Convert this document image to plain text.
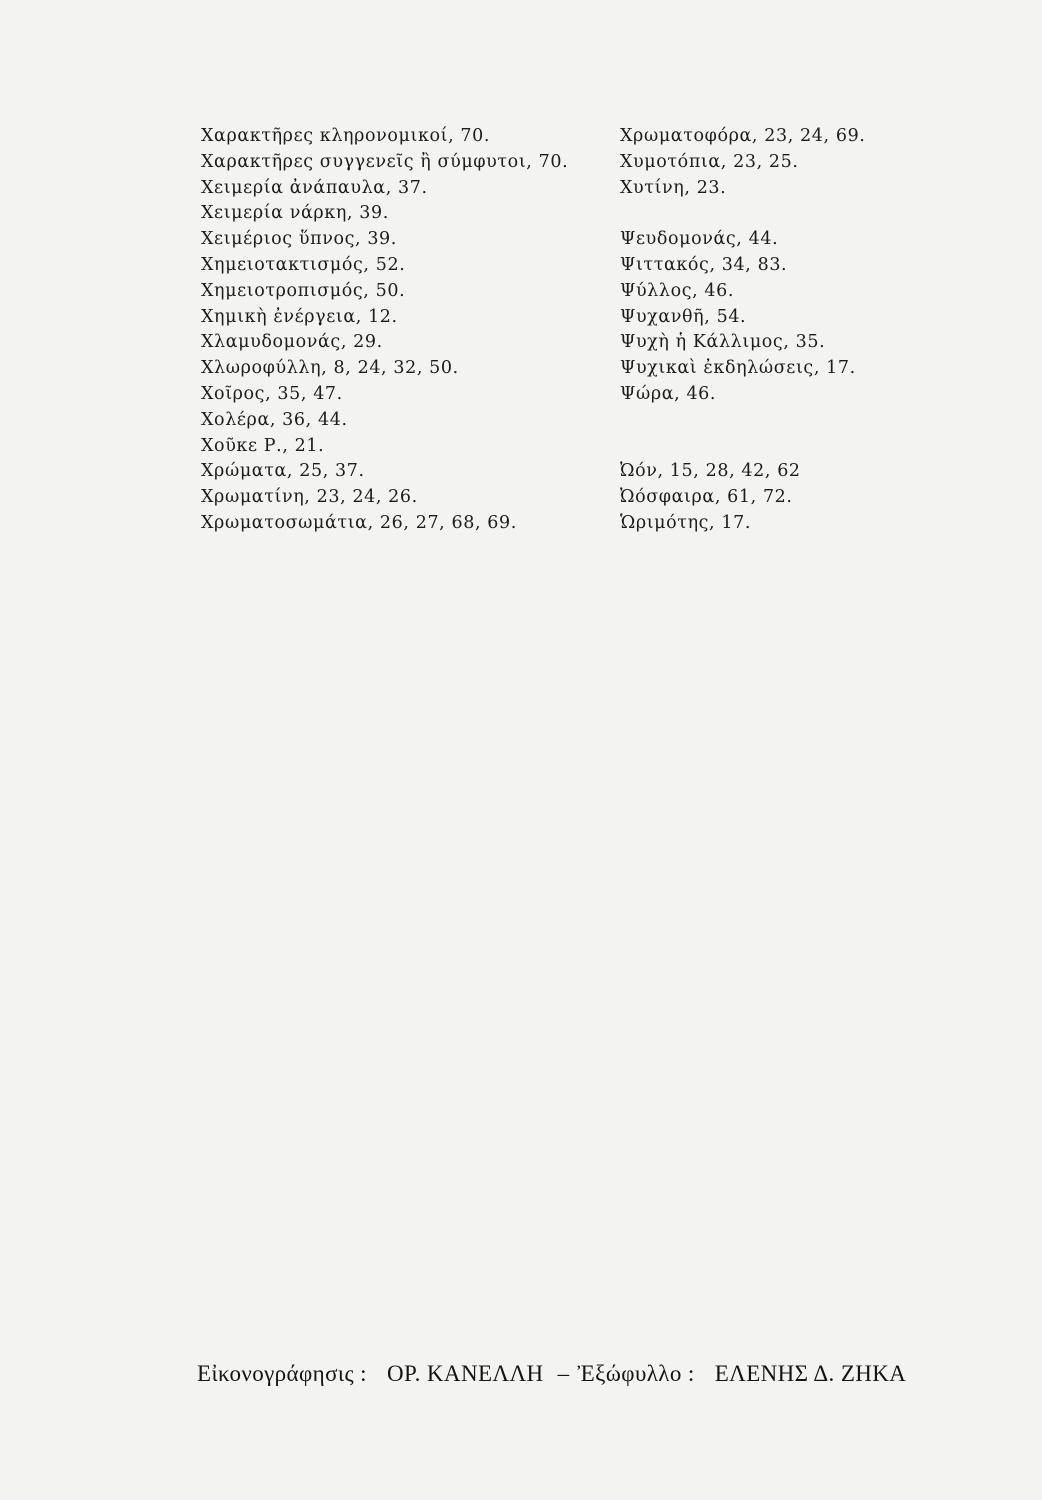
Χαρακτῆρες κληρονομικοί, 70.
Χαρακτῆρες συγγενεῖς ἢ σύμφυτοι, 70.
Χειμερία ἀνάπαυλα, 37.
Χειμερία νάρκη, 39.
Χειμέριος ὕπνος, 39.
Χημειοτακτισμός, 52.
Χημειοτροπισμός, 50.
Χημικὴ ἐνέργεια, 12.
Χλαμυδομονάς, 29.
Χλωροφύλλη, 8, 24, 32, 50.
Χοῖρος, 35, 47.
Χολέρα, 36, 44.
Χοῦκε Ρ., 21.
Χρώματα, 25, 37.
Χρωματίνη, 23, 24, 26.
Χρωματοσωμάτια, 26, 27, 68, 69.
Χρωματοφόρα, 23, 24, 69.
Χυμοτόπια, 23, 25.
Χυτίνη, 23.
Ψευδομονάς, 44.
Ψιττακός, 34, 83.
Ψύλλος, 46.
Ψυχανθῆ, 54.
Ψυχὴ ἡ Κάλλιμος, 35.
Ψυχικαὶ ἐκδηλώσεις, 17.
Ψώρα, 46.
Ὠόν, 15, 28, 42, 62
Ὠόσφαιρα, 61, 72.
Ὡριμότης, 17.
Εἰκονογράφησις : ΟΡ. ΚΑΝΕΛΛΗ – Ἐξώφυλλο : ΕΛΕΝΗΣ Δ. ΖΗΚΑ
